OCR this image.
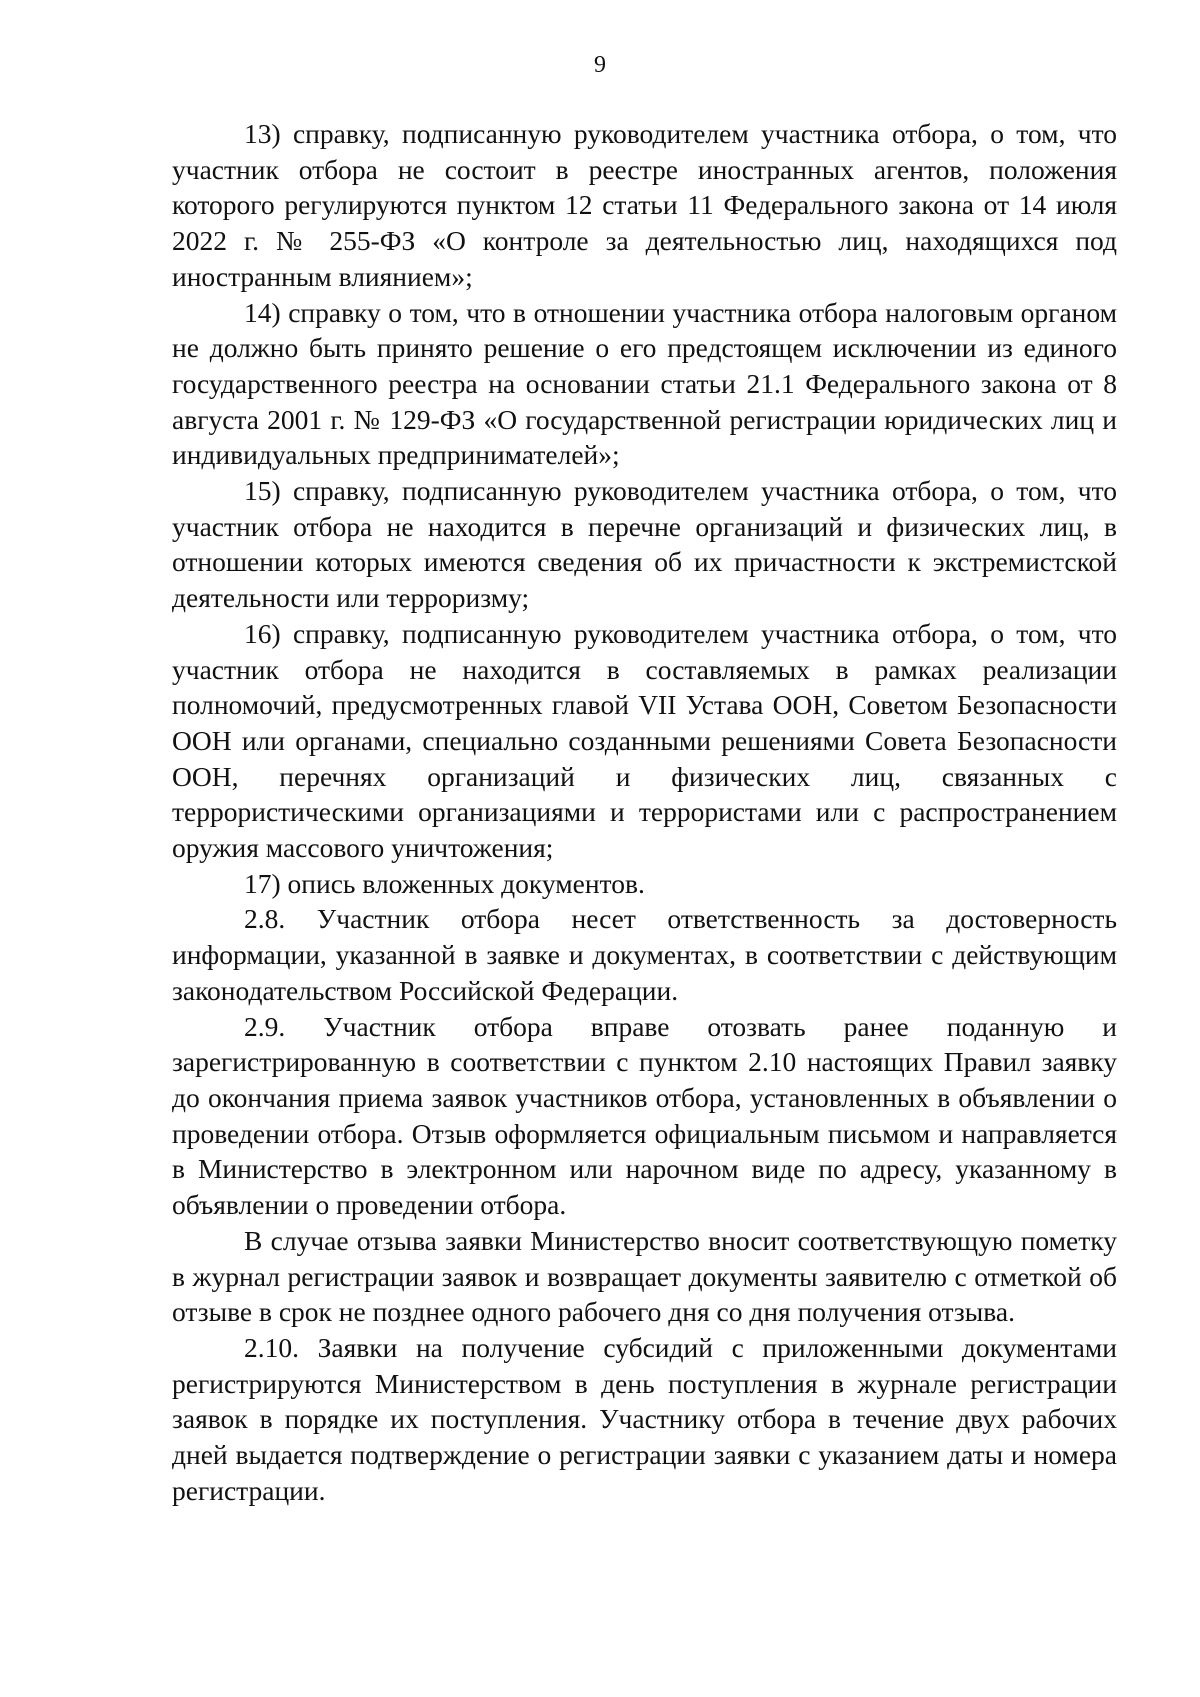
9

13) справку, подписанную руководителем участника отбора, о том, что участник отбора не состоит в реестре иностранных агентов, положения которого регулируются пунктом 12 статьи 11 Федерального закона от 14 июля 2022 г. № 255-ФЗ «О контроле за деятельностью лиц, находящихся под иностранным влиянием»;

14) справку о том, что в отношении участника отбора налоговым органом не должно быть принято решение о его предстоящем исключении из единого государственного реестра на основании статьи 21.1 Федерального закона от 8 августа 2001 г. № 129-ФЗ «О государственной регистрации юридических лиц и индивидуальных предпринимателей»;

15) справку, подписанную руководителем участника отбора, о том, что участник отбора не находится в перечне организаций и физических лиц, в отношении которых имеются сведения об их причастности к экстремистской деятельности или терроризму;

16) справку, подписанную руководителем участника отбора, о том, что участник отбора не находится в составляемых в рамках реализации полномочий, предусмотренных главой VII Устава ООН, Советом Безопасности ООН или органами, специально созданными решениями Совета Безопасности ООН, перечнях организаций и физических лиц, связанных с террористическими организациями и террористами или с распространением оружия массового уничтожения;

17) опись вложенных документов.

2.8. Участник отбора несет ответственность за достоверность информации, указанной в заявке и документах, в соответствии с действующим законодательством Российской Федерации.

2.9. Участник отбора вправе отозвать ранее поданную и зарегистрированную в соответствии с пунктом 2.10 настоящих Правил заявку до окончания приема заявок участников отбора, установленных в объявлении о проведении отбора. Отзыв оформляется официальным письмом и направляется в Министерство в электронном или нарочном виде по адресу, указанному в объявлении о проведении отбора.

В случае отзыва заявки Министерство вносит соответствующую пометку в журнал регистрации заявок и возвращает документы заявителю с отметкой об отзыве в срок не позднее одного рабочего дня со дня получения отзыва.

2.10. Заявки на получение субсидий с приложенными документами регистрируются Министерством в день поступления в журнале регистрации заявок в порядке их поступления. Участнику отбора в течение двух рабочих дней выдается подтверждение о регистрации заявки с указанием даты и номера регистрации.
